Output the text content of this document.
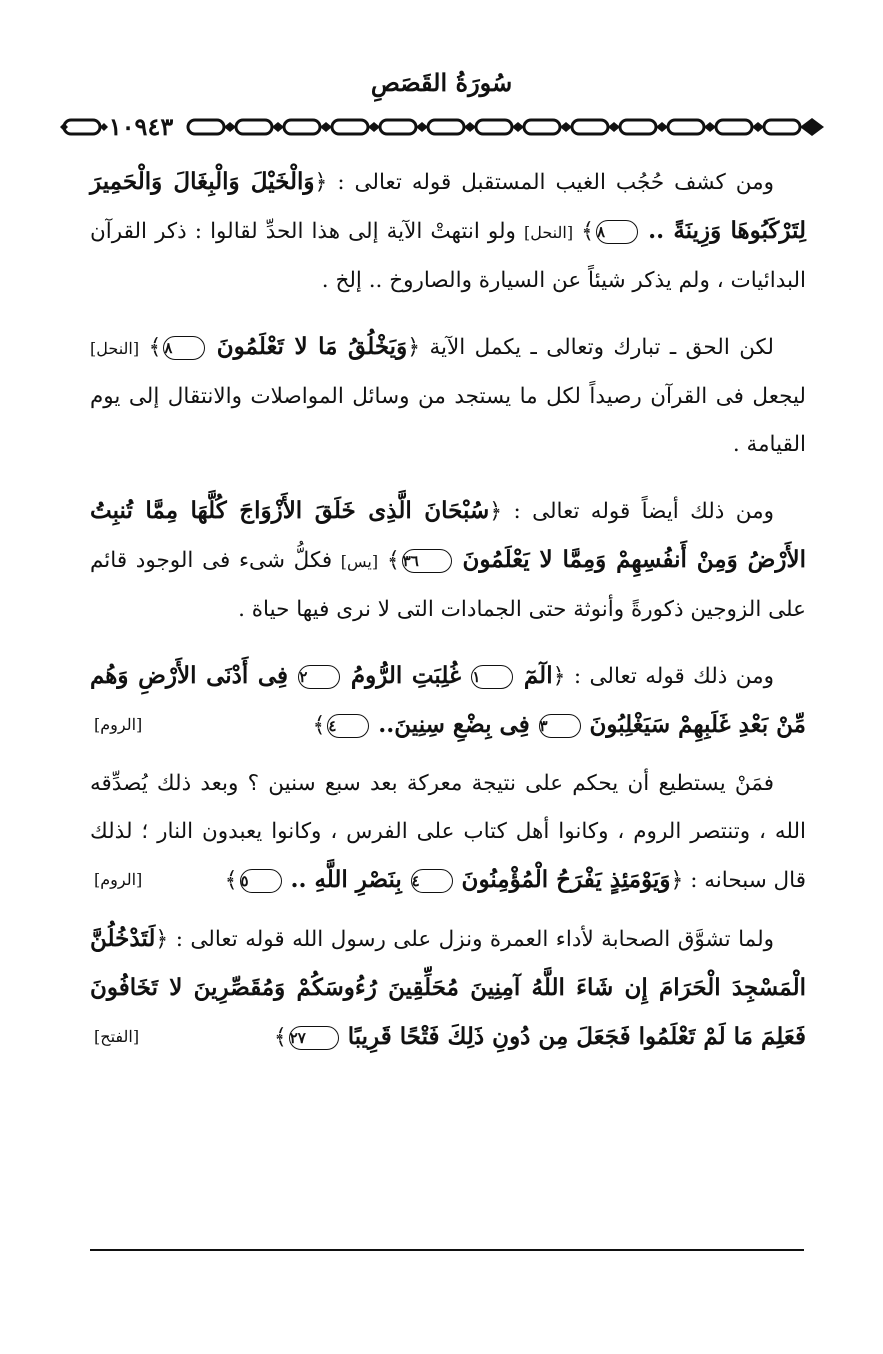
سُورَةُ القَصَصِ
١٠٩٤٣

ومن كشف حُجُب الغيب المستقبل قوله تعالى : ﴿وَالْخَيْلَ وَالْبِغَالَ وَالْحَمِيرَ لِتَرْكَبُوهَا وَزِينَةً .. ٨﴾ [النحل] ولو انتهتْ الآية إلى هذا الحدِّ لقالوا : ذكر القرآن البدائيات ، ولم يذكر شيئاً عن السيارة والصاروخ .. إلخ .

لكن الحق ـ تبارك وتعالى ـ يكمل الآية ﴿وَيَخْلُقُ مَا لا تَعْلَمُونَ ٨﴾ [النحل] ليجعل فى القرآن رصيداً لكل ما يستجد من وسائل المواصلات والانتقال إلى يوم القيامة .

ومن ذلك أيضاً قوله تعالى : ﴿سُبْحَانَ الَّذِى خَلَقَ الأَزْوَاجَ كُلَّهَا مِمَّا تُنبِتُ الأَرْضُ وَمِنْ أَنفُسِهِمْ وَمِمَّا لا يَعْلَمُونَ ٣٦﴾ [يس] فكلُّ شىء فى الوجود قائم على الزوجين ذكورةً وأنوثة حتى الجمادات التى لا نرى فيها حياة .

ومن ذلك قوله تعالى : ﴿الٓمٓ ١ غُلِبَتِ الرُّومُ ٢ فِى أَدْنَى الأَرْضِ وَهُم مِّنْ بَعْدِ غَلَبِهِمْ سَيَغْلِبُونَ ٣ فِى بِضْعِ سِنِينَ.. ٤﴾
[الروم]

فمَنْ يستطيع أن يحكم على نتيجة معركة بعد سبع سنين ؟ وبعد ذلك يُصدِّقه الله ، وتنتصر الروم ، وكانوا أهل كتاب على الفرس ، وكانوا يعبدون النار ؛ لذلك قال سبحانه : ﴿وَيَوْمَئِذٍ يَفْرَحُ الْمُؤْمِنُونَ ٤ بِنَصْرِ اللَّهِ .. ٥﴾
[الروم]

ولما تشوَّق الصحابة لأداء العمرة ونزل على رسول الله قوله تعالى : ﴿لَتَدْخُلُنَّ الْمَسْجِدَ الْحَرَامَ إِن شَاءَ اللَّهُ آمِنِينَ مُحَلِّقِينَ رُءُوسَكُمْ وَمُقَصِّرِينَ لا تَخَافُونَ فَعَلِمَ مَا لَمْ تَعْلَمُوا فَجَعَلَ مِن دُونِ ذَلِكَ فَتْحًا قَرِيبًا ٢٧﴾
[الفتح]
